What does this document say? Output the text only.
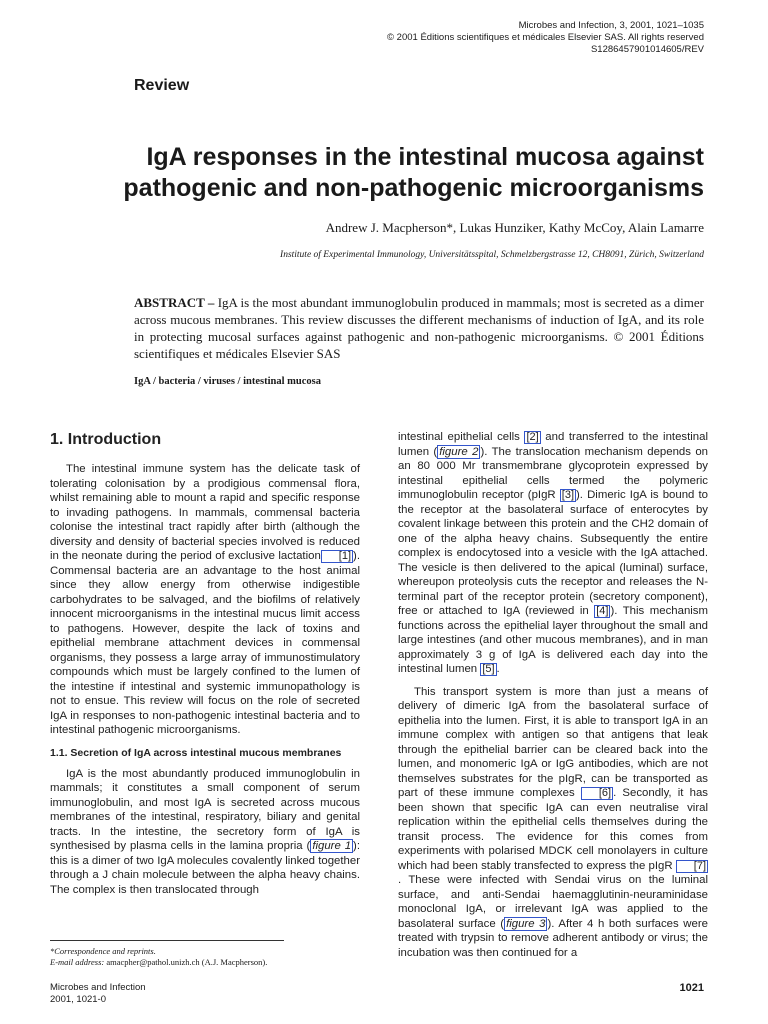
Microbes and Infection, 3, 2001, 1021–1035
© 2001 Éditions scientifiques et médicales Elsevier SAS. All rights reserved
S1286457901014605/REV
Review
IgA responses in the intestinal mucosa against
pathogenic and non-pathogenic microorganisms
Andrew J. Macpherson*, Lukas Hunziker, Kathy McCoy, Alain Lamarre
Institute of Experimental Immunology, Universitätsspital, Schmelzbergstrasse 12, CH8091, Zürich, Switzerland

ABSTRACT – IgA is the most abundant immunoglobulin produced in mammals; most is secreted as a dimer across mucous membranes. This review discusses the different mechanisms of induction of IgA, and its role in protecting mucosal surfaces against pathogenic and non-pathogenic microorganisms. © 2001 Éditions scientifiques et médicales Elsevier SAS

IgA / bacteria / viruses / intestinal mucosa
1. Introduction

The intestinal immune system has the delicate task of tolerating colonisation by a prodigious commensal flora, whilst remaining able to mount a rapid and specific response to invading pathogens. In mammals, commensal bacteria colonise the intestinal tract rapidly after birth (although the diversity and density of bacterial species involved is reduced in the neonate during the period of exclusive lactation [1] ). Commensal bacteria are an advantage to the host animal since they allow energy from otherwise indigestible carbohydrates to be salvaged, and the biofilms of relatively innocent microorganisms in the intestinal mucus limit access to pathogens. However, despite the lack of toxins and epithelial membrane attachment devices in commensal organisms, they possess a large array of immunostimulatory compounds which must be largely confined to the lumen of the intestine if intestinal and systemic immunopathology is not to ensue. This review will focus on the role of secreted IgA in responses to non-pathogenic intestinal bacteria and to intestinal pathogenic microorganisms.

1.1. Secretion of IgA across intestinal mucous membranes

IgA is the most abundantly produced immunoglobulin in mammals; it constitutes a small component of serum immunoglobulin, and most IgA is secreted across mucous membranes of the intestinal, respiratory, biliary and genital tracts. In the intestine, the secretory form of IgA is synthesised by plasma cells in the lamina propria ( figure 1 ): this is a dimer of two IgA molecules covalently linked together through a J chain molecule between the alpha heavy chains. The complex is then translocated through

intestinal epithelial cells [2] and transferred to the intestinal lumen ( figure 2 ). The translocation mechanism depends on an 80 000 Mr transmembrane glycoprotein expressed by intestinal epithelial cells termed the polymeric immunoglobulin receptor (pIgR [3] ). Dimeric IgA is bound to the receptor at the basolateral surface of enterocytes by covalent linkage between this protein and the CH2 domain of one of the alpha heavy chains. Subsequently the entire complex is endocytosed into a vesicle with the IgA attached. The vesicle is then delivered to the apical (luminal) surface, whereupon proteolysis cuts the receptor and releases the N-terminal part of the receptor protein (secretory component), free or attached to IgA (reviewed in [4] ). This mechanism functions across the epithelial layer throughout the small and large intestines (and other mucous membranes), and in man approximately 3 g of IgA is delivered each day into the intestinal lumen [5] .

This transport system is more than just a means of delivery of dimeric IgA from the basolateral surface of epithelia into the lumen. First, it is able to transport IgA in an immune complex with antigen so that antigens that leak through the epithelial barrier can be cleared back into the lumen, and monomeric IgA or IgG antibodies, which are not themselves substrates for the pIgR, can be transported as part of these immune complexes [6] . Secondly, it has been shown that specific IgA can even neutralise viral replication within the epithelial cells themselves during the transit process. The evidence for this comes from experiments with polarised MDCK cell monolayers in culture which had been stably transfected to express the pIgR [7]. These were infected with Sendai virus on the luminal surface, and anti-Sendai haemagglutinin-neuraminidase monoclonal IgA, or irrelevant IgA was applied to the basolateral surface ( figure 3 ). After 4 h both surfaces were treated with trypsin to remove adherent antibody or virus; the incubation was then continued for a

*Correspondence and reprints.
E-mail address: amacpher@pathol.unizh.ch (A.J. Macpherson).
Microbes and Infection
2001, 1021-0
1021
